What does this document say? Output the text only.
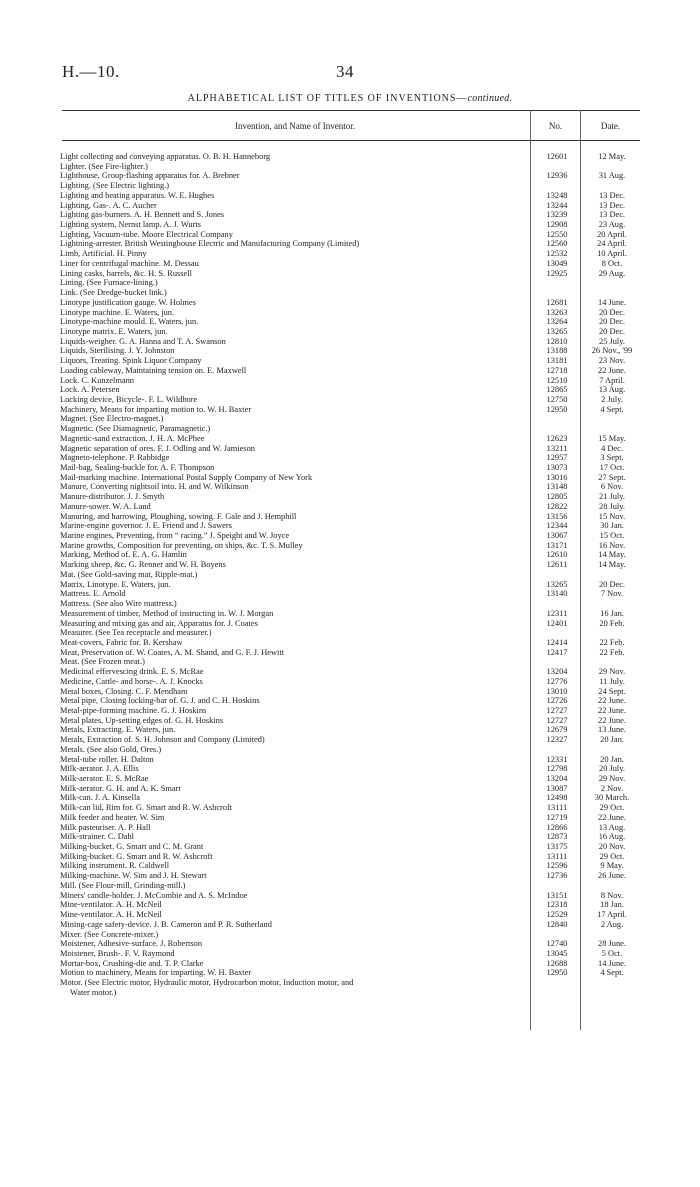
H.—10.	34
ALPHABETICAL LIST OF TITLES OF INVENTIONS—continued.
Invention, and Name of Inventor.	No.	Date.
Light collecting and conveying apparatus. O. B. H. Hanneborg	12601	12 May.
Lighter. (See Fire-lighter.)
Lighthouse, Group-flashing apparatus for. A. Brebner	12936	31 Aug.
Lighting. (See Electric lighting.)
Lighting and heating apparatus. W. E. Hughes	13248	13 Dec.
Lighting, Gas-. A. C. Aucher	13244	13 Dec.
Lighting gas-burners. A. H. Bennett and S. Jones	13239	13 Dec.
Lighting system, Nernst lamp. A. J. Wurts	12908	23 Aug.
Lighting, Vacuum-tube. Moore Electrical Company	12550	20 April.
Lightning-arrester. British Westinghouse Electric and Manufacturing Company (Limited)	12560	24 April.
Limb, Artificial. H. Pinny	12532	10 April.
Liner for centrifugal machine. M. Dessau	13049	8 Oct.
Lining casks, barrels, &c. H. S. Russell	12925	29 Aug.
Lining. (See Furnace-lining.)
Link. (See Dredge-bucket link.)
Linotype justification gauge. W. Holmes	12681	14 June.
Linotype machine. E. Waters, jun.	13263	20 Dec.
Linotype-machine mould. E. Waters, jun.	13264	20 Dec.
Linotype matrix. E. Waters, jun.	13265	20 Dec.
Liquids-weigher. G. A. Hanna and T. A. Swanson	12810	25 July.
Liquids, Sterilising. J. Y. Johnston	13188	26 Nov., '99
Liquors, Treating. Spink Liquor Company	13181	23 Nov.
Loading cableway, Maintaining tension on. E. Maxwell	12718	22 June.
Lock. C. Kunzelmann	12510	7 April.
Lock. A. Petersen	12865	13 Aug.
Locking device, Bicycle-. F. L. Wildbore	12750	2 July.
Machinery, Means for imparting motion to. W. H. Baxter	12950	4 Sept.
Magnet. (See Electro-magnet.)
Magnetic. (See Diamagnetic, Paramagnetic.)
Magnetic-sand extraction. J. H. A. McPhee	12623	15 May.
Magnetic separation of ores. F. J. Odling and W. Jamieson	13211	4 Dec.
Magneto-telephone. P. Rabbidge	12957	3 Sept.
Mail-bag, Sealing-buckle for. A. F. Thompson	13073	17 Oct.
Mail-marking machine. International Postal Supply Company of New York	13016	27 Sept.
Manure, Converting nightsoil into. H. and W. Wilkinson	13148	6 Nov.
Manure-distributor. J. J. Smyth	12805	21 July.
Manure-sower. W. A. Land	12822	28 July.
Manuring, and harrowing, Ploughing, sowing. F. Gale and J. Hemphill	13156	15 Nov.
Marine-engine governor. J. E. Friend and J. Sawers	12344	30 Jan.
Marine engines, Preventing, from “ racing.” J. Speight and W. Joyce	13067	15 Oct.
Marine growths, Composition for preventing, on ships, &c. T. S. Mulley	13171	16 Nov.
Marking, Method of. E. A. G. Hamlin	12610	14 May.
Marking sheep, &c. G. Renner and W. H. Boyens	12611	14 May.
Mat. (See Gold-saving mat, Ripple-mat.)
Matrix, Linotype. E. Waters, jun.	13265	20 Dec.
Mattress. E. Arnold	13140	7 Nov.
Mattress. (See also Wire mattress.)
Measurement of timber, Method of instructing in. W. J. Morgan	12311	16 Jan.
Measuring and mixing gas and air, Apparatus for. J. Coates	12401	20 Feb.
Measurer. (See Tea receptacle and measurer.)
Meat-covers, Fabric for. B. Kershaw	12414	22 Feb.
Meat, Preservation of. W. Coates, A. M. Shand, and G. F. J. Hewitt	12417	22 Feb.
Meat. (See Frozen meat.)
Medicinal effervescing drink. E. S. McRae	13204	29 Nov.
Medicine, Cattle- and horse-. A. J. Knocks	12776	11 July.
Metal boxes, Closing. C. F. Mendham	13010	24 Sept.
Metal pipe, Closing locking-bar of. G. J. and C. H. Hoskins	12726	22 June.
Metal-pipe-forming machine. G. J. Hoskins	12727	22 June.
Metal plates, Up-setting edges of. G. H. Hoskins	12727	22 June.
Metals, Extracting. E. Waters, jun.	12679	13 June.
Metals, Extraction of. S. H. Johnson and Company (Limited)	12327	20 Jan.
Metals. (See also Gold, Ores.)
Metal-tube roller. H. Dalton	12331	20 Jan.
Milk-aerator. J. A. Ellis	12798	20 July.
Milk-aerator. E. S. McRae	13204	29 Nov.
Milk-aerator. G. H. and A. K. Smart	13087	2 Nov.
Milk-can. J. A. Kinsella	12498	30 March.
Milk-can lid, Rim for. G. Smart and R. W. Ashcroft	13111	29 Oct.
Milk feeder and heater. W. Sim	12719	22 June.
Milk pasteuriser. A. P. Hall	12866	13 Aug.
Milk-strainer. C. Dahl	12873	16 Aug.
Milking-bucket. G. Smart and C. M. Grant	13175	20 Nov.
Milking-bucket. G. Smart and R. W. Ashcroft	13111	29 Oct.
Milking instrument. R. Caldwell	12596	9 May.
Milking-machine. W. Sim and J. H. Stewart	12736	26 June.
Mill. (See Flour-mill, Grinding-mill.)
Miners' candle-holder. J. McCombie and A. S. McIndoe	13151	8 Nov.
Mine-ventilator. A. H. McNeil	12318	18 Jan.
Mine-ventilator. A. H. McNeil	12529	17 April.
Mining-cage safety-device. J. B. Cameron and P. R. Sutherland	12840	2 Aug.
Mixer. (See Concrete-mixer.)
Moistener, Adhesive-surface. J. Robertson	12740	28 June.
Moistener, Brush-. F. V. Raymond	13045	5 Oct.
Mortar-box, Crushing-die and. T. P. Clarke	12688	14 June.
Motion to machinery, Means for imparting. W. H. Baxter	12950	4 Sept.
Motor. (See Electric motor, Hydraulic motor, Hydrocarbon motor, Induction motor, and
Water motor.)
